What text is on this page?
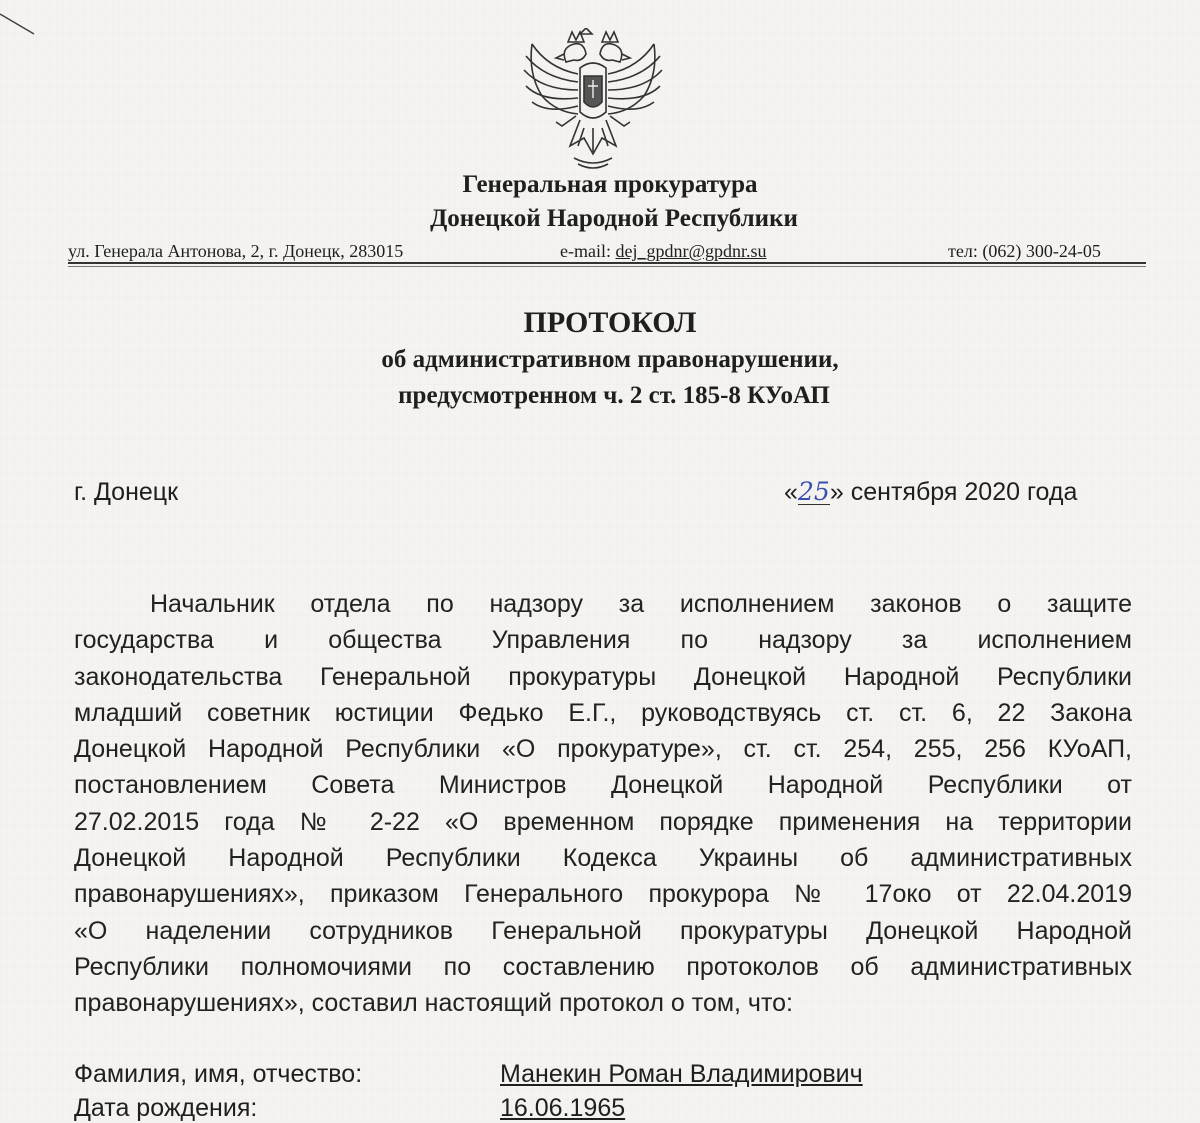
Генеральная прокуратура
Донецкой Народной Республики
ул. Генерала Антонова, 2, г. Донецк, 283015	e-mail: dej_gpdnr@gpdnr.su	тел: (062) 300-24-05
ПРОТОКОЛ
об административном правонарушении,
предусмотренном ч. 2 ст. 185-8 КУоАП
г. Донецк	«25» сентября 2020 года
Начальник отдела по надзору за исполнением законов о защите
государства и общества Управления по надзору за исполнением
законодательства Генеральной прокуратуры Донецкой Народной Республики
младший советник юстиции Федько Е.Г., руководствуясь ст. ст. 6, 22 Закона
Донецкой Народной Республики «О прокуратуре», ст. ст. 254, 255, 256 КУоАП,
постановлением Совета Министров Донецкой Народной Республики от
27.02.2015 года № 2-22 «О временном порядке применения на территории
Донецкой Народной Республики Кодекса Украины об административных
правонарушениях», приказом Генерального прокурора № 17око от 22.04.2019
«О наделении сотрудников Генеральной прокуратуры Донецкой Народной
Республики полномочиями по составлению протоколов об административных
правонарушениях», составил настоящий протокол о том, что:
Фамилия, имя, отчество:	Манекин Роман Владимирович
Дата рождения:	16.06.1965
